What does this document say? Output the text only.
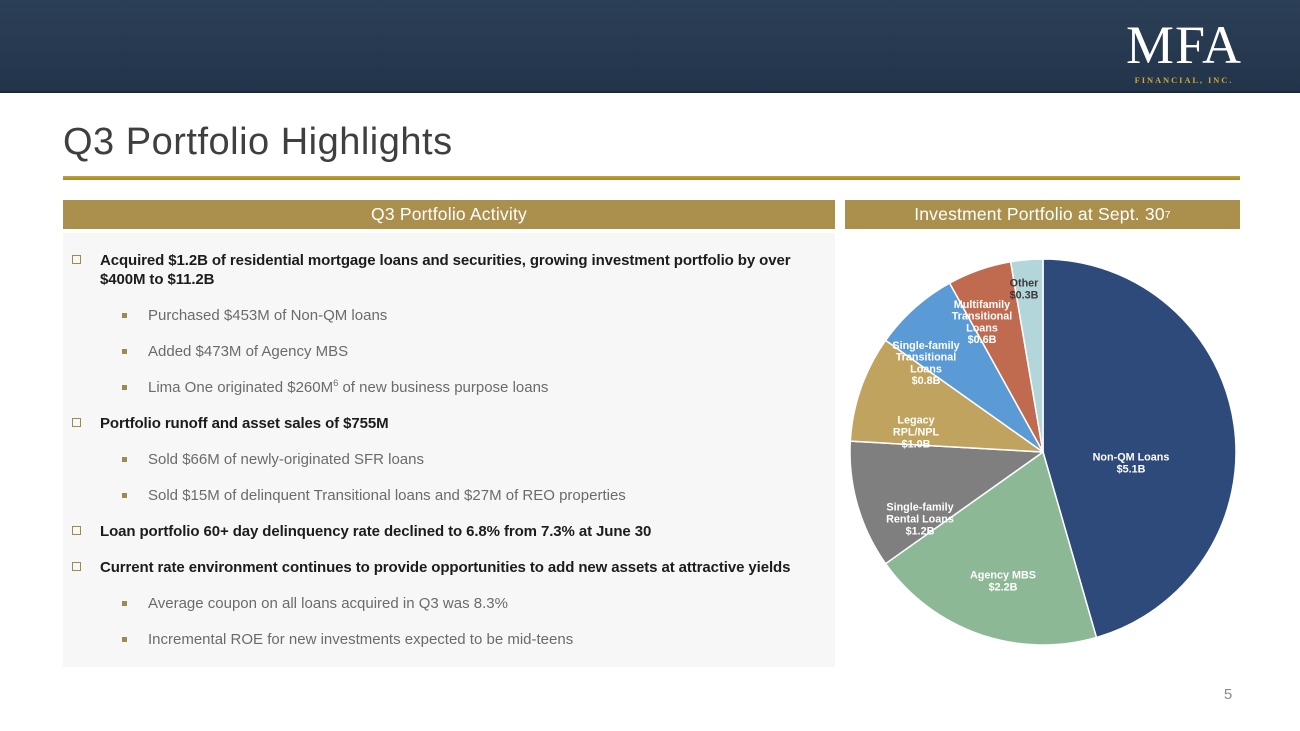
MFA
FINANCIAL, INC.
Q3 Portfolio Highlights
Q3 Portfolio Activity
Acquired $1.2B of residential mortgage loans and securities, growing investment portfolio by over $400M to $11.2B
Purchased $453M of Non-QM loans
Added $473M of Agency MBS
Lima One originated $\$260M^6$ of new business purpose loans
Portfolio runoff and asset sales of $755M
Sold $66M of newly-originated SFR loans
Sold $15M of delinquent Transitional loans and $27M of REO properties
Loan portfolio 60+ day delinquency rate declined to 6.8% from 7.3% at June 30
Current rate environment continues to provide opportunities to add new assets at attractive yields
Average coupon on all loans acquired in Q3 was 8.3%
Incremental ROE for new investments expected to be mid-teens
Investment Portfolio at Sept. 30 7
Non-QM Loans $5.1B
Agency MBS $2.2B
Single-family Rental Loans $1.2B
Legacy RPL/NPL $1.0B
Single-family Transitional Loans $0.8B
Multifamily Transitional Loans $0.6B
Other $0.3B
5
